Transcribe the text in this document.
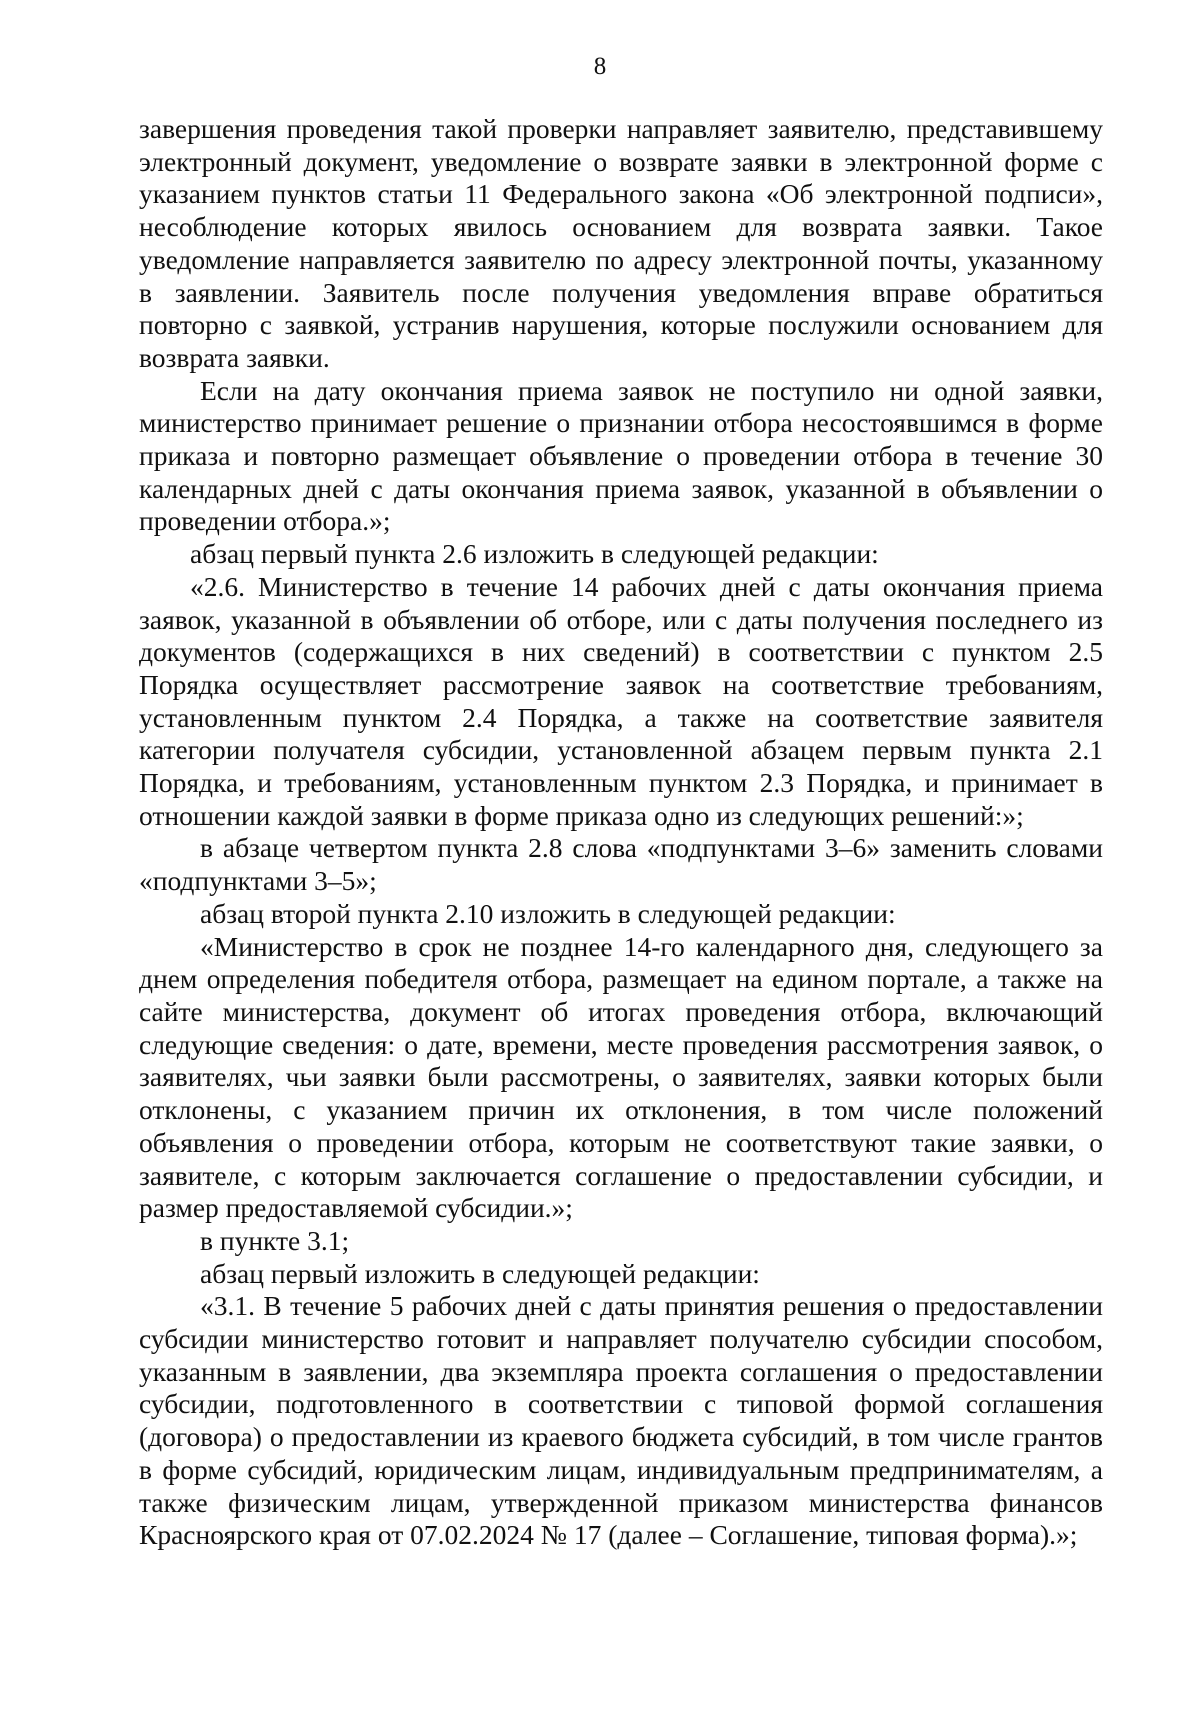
8

завершения проведения такой проверки направляет заявителю, представившему электронный документ, уведомление о возврате заявки в электронной форме с указанием пунктов статьи 11 Федерального закона «Об электронной подписи», несоблюдение которых явилось основанием для возврата заявки. Такое уведомление направляется заявителю по адресу электронной почты, указанному в заявлении. Заявитель после получения уведомления вправе обратиться повторно с заявкой, устранив нарушения, которые послужили основанием для возврата заявки.

Если на дату окончания приема заявок не поступило ни одной заявки, министерство принимает решение о признании отбора несостоявшимся в форме приказа и повторно размещает объявление о проведении отбора в течение 30 календарных дней с даты окончания приема заявок, указанной в объявлении о проведении отбора.»;

абзац первый пункта 2.6 изложить в следующей редакции:

«2.6. Министерство в течение 14 рабочих дней с даты окончания приема заявок, указанной в объявлении об отборе, или с даты получения последнего из документов (содержащихся в них сведений) в соответствии с пунктом 2.5 Порядка осуществляет рассмотрение заявок на соответствие требованиям, установленным пунктом 2.4 Порядка, а также на соответствие заявителя категории получателя субсидии, установленной абзацем первым пункта 2.1 Порядка, и требованиям, установленным пунктом 2.3 Порядка, и принимает в отношении каждой заявки в форме приказа одно из следующих решений:»;

в абзаце четвертом пункта 2.8 слова «подпунктами 3–6» заменить словами «подпунктами 3–5»;

абзац второй пункта 2.10 изложить в следующей редакции:

«Министерство в срок не позднее 14-го календарного дня, следующего за днем определения победителя отбора, размещает на едином портале, а также на сайте министерства, документ об итогах проведения отбора, включающий следующие сведения: о дате, времени, месте проведения рассмотрения заявок, о заявителях, чьи заявки были рассмотрены, о заявителях, заявки которых были отклонены, с указанием причин их отклонения, в том числе положений объявления о проведении отбора, которым не соответствуют такие заявки, о заявителе, с которым заключается соглашение о предоставлении субсидии, и размер предоставляемой субсидии.»;

в пункте 3.1;

абзац первый изложить в следующей редакции:

«3.1. В течение 5 рабочих дней с даты принятия решения о предоставлении субсидии министерство готовит и направляет получателю субсидии способом, указанным в заявлении, два экземпляра проекта соглашения о предоставлении субсидии, подготовленного в соответствии с типовой формой соглашения (договора) о предоставлении из краевого бюджета субсидий, в том числе грантов в форме субсидий, юридическим лицам, индивидуальным предпринимателям, а также физическим лицам, утвержденной приказом министерства финансов Красноярского края от 07.02.2024 № 17 (далее – Соглашение, типовая форма).»;
